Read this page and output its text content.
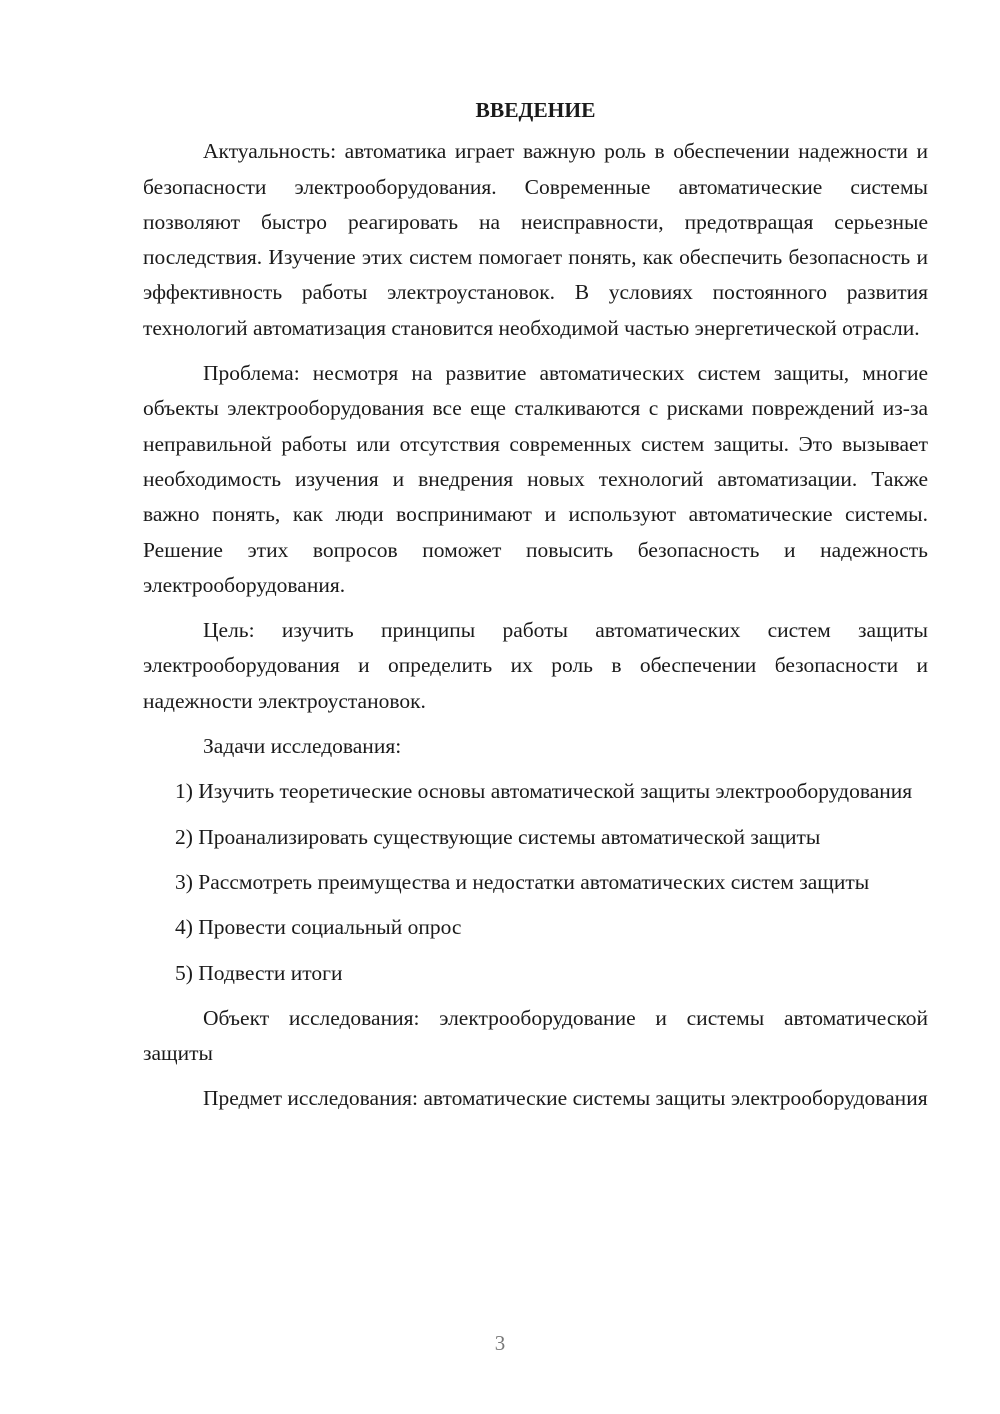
ВВЕДЕНИЕ

Актуальность: автоматика играет важную роль в обеспечении надежности и безопасности электрооборудования. Современные автоматические системы позволяют быстро реагировать на неисправности, предотвращая серьезные последствия. Изучение этих систем помогает понять, как обеспечить безопасность и эффективность работы электроустановок. В условиях постоянного развития технологий автоматизация становится необходимой частью энергетической отрасли.

Проблема: несмотря на развитие автоматических систем защиты, многие объекты электрооборудования все еще сталкиваются с рисками повреждений из-за неправильной работы или отсутствия современных систем защиты. Это вызывает необходимость изучения и внедрения новых технологий автоматизации. Также важно понять, как люди воспринимают и используют автоматические системы. Решение этих вопросов поможет повысить безопасность и надежность электрооборудования.

Цель: изучить принципы работы автоматических систем защиты электрооборудования и определить их роль в обеспечении безопасности и надежности электроустановок.

Задачи исследования:

1) Изучить теоретические основы автоматической защиты электрооборудования

2) Проанализировать существующие системы автоматической защиты

3) Рассмотреть преимущества и недостатки автоматических систем защиты

4) Провести социальный опрос

5) Подвести итоги

Объект исследования: электрооборудование и системы автоматической защиты

Предмет исследования: автоматические системы защиты электрооборудования

3
